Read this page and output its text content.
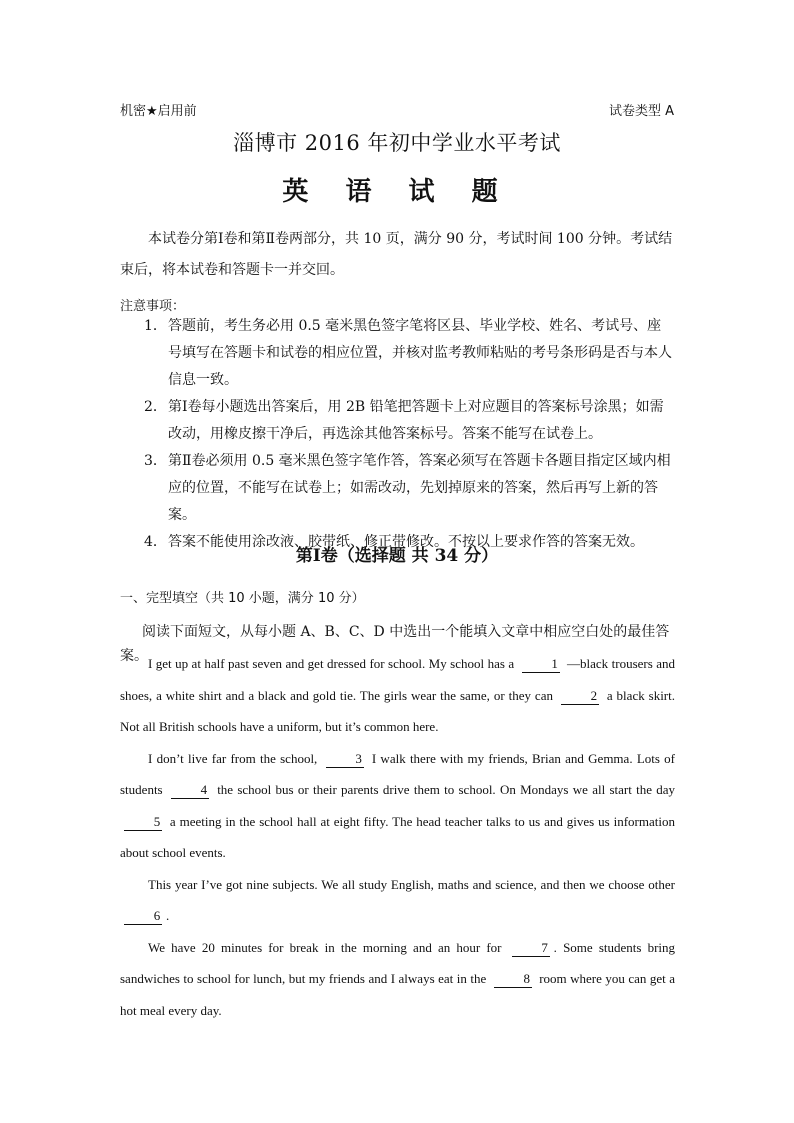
机密★启用前	试卷类型 A
淄博市 2016 年初中学业水平考试
英 语 试 题
本试卷分第Ⅰ卷和第Ⅱ卷两部分，共 10 页，满分 90 分，考试时间 100 分钟。考试结束后，将本试卷和答题卡一并交回。
注意事项：
1． 答题前，考生务必用 0.5 毫米黑色签字笔将区县、毕业学校、姓名、考试号、座号填写在答题卡和试卷的相应位置，并核对监考教师粘贴的考号条形码是否与本人信息一致。
2． 第Ⅰ卷每小题选出答案后，用 2B 铅笔把答题卡上对应题目的答案标号涂黑；如需改动，用橡皮擦干净后，再选涂其他答案标号。答案不能写在试卷上。
3． 第Ⅱ卷必须用 0.5 毫米黑色签字笔作答，答案必须写在答题卡各题目指定区域内相应的位置，不能写在试卷上；如需改动，先划掉原来的答案，然后再写上新的答案。
4． 答案不能使用涂改液、胶带纸、修正带修改。不按以上要求作答的答案无效。
第Ⅰ卷（选择题 共 34 分）
一、完型填空（共 10 小题，满分 10 分）
阅读下面短文，从每小题 A、B、C、D 中选出一个能填入文章中相应空白处的最佳答案。 I get up at half past seven and get dressed for school. My school has a	1 —black trousers and shoes, a white shirt and a black and gold tie. The girls wear the same, or they can	2 a black skirt. Not all British schools have a uniform, but it’s common here.

I don’t live far from the school,	3 I walk there with my friends, Brian and Gemma. Lots of students	4 the school bus or their parents drive them to school. On Mondays we all start the day 5 a meeting in the school hall at eight fifty. The head teacher talks to us and gives us information about school events.

This year I’ve got nine subjects. We all study English, maths and science, and then we choose other 6 .

We have 20 minutes for break in the morning and an hour for	7 . Some students bring sandwiches to school for lunch, but my friends and I always eat in the	8 room where you can get a hot meal every day.
